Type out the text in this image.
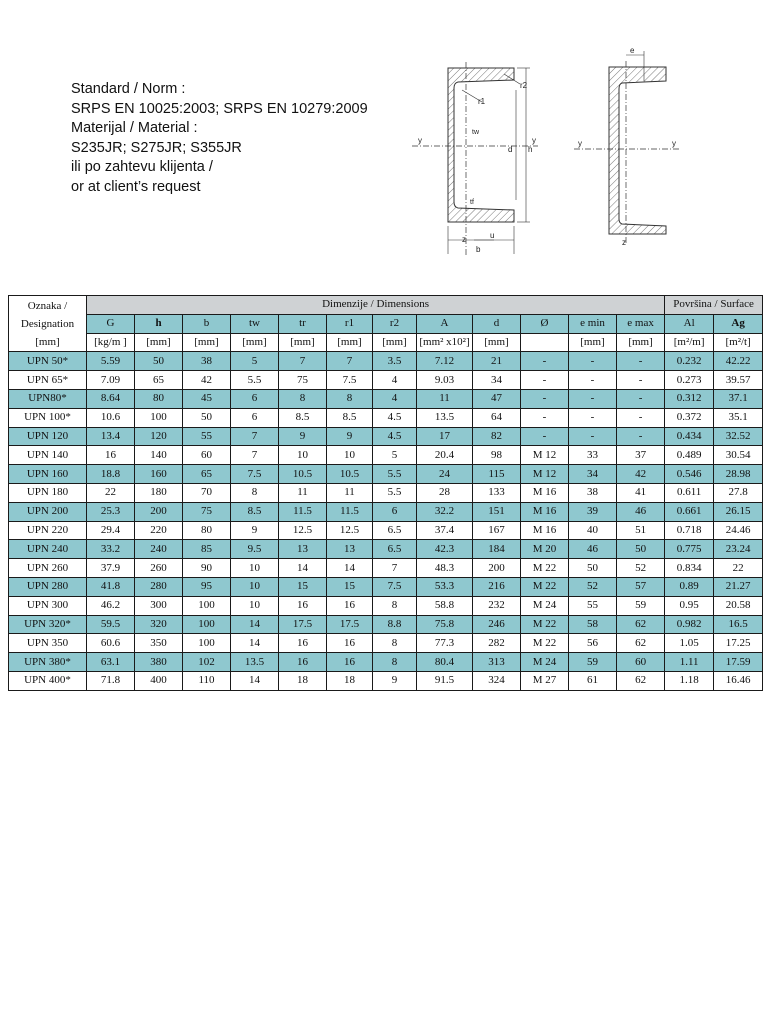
Standard / Norm :
SRPS EN 10025:2003; SRPS EN 10279:2009
Materijal / Material :
S235JR; S275JR; S355JR
ili po zahtevu klijenta /
or at client’s request
r1
r2
tw
tf
d h
y	y
z	u
b
e
y	y
z
Oznaka /
Designation
[mm]	Dimenzije / Dimensions												Površina / Surface	
	G	h	b	tw	tr	r1	r2	A	d	Ø	e min	e max	Al	Ag
	[kg/m ]	[mm]	[mm]	[mm]	[mm]	[mm]	[mm]	[mm² x10²]	[mm]		[mm]	[mm]	[m²/m]	[m²/t]
UPN 50*	5.59	50	38	5	7	7	3.5	7.12	21	-	-	-	0.232	42.22
UPN 65*	7.09	65	42	5.5	75	7.5	4	9.03	34	-	-	-	0.273	39.57
UPN80*	8.64	80	45	6	8	8	4	11	47	-	-	-	0.312	37.1
UPN 100*	10.6	100	50	6	8.5	8.5	4.5	13.5	64	-	-	-	0.372	35.1
UPN 120	13.4	120	55	7	9	9	4.5	17	82	-	-	-	0.434	32.52
UPN 140	16	140	60	7	10	10	5	20.4	98	M 12	33	37	0.489	30.54
UPN 160	18.8	160	65	7.5	10.5	10.5	5.5	24	115	M 12	34	42	0.546	28.98
UPN 180	22	180	70	8	11	11	5.5	28	133	M 16	38	41	0.611	27.8
UPN 200	25.3	200	75	8.5	11.5	11.5	6	32.2	151	M 16	39	46	0.661	26.15
UPN 220	29.4	220	80	9	12.5	12.5	6.5	37.4	167	M 16	40	51	0.718	24.46
UPN 240	33.2	240	85	9.5	13	13	6.5	42.3	184	M 20	46	50	0.775	23.24
UPN 260	37.9	260	90	10	14	14	7	48.3	200	M 22	50	52	0.834	22
UPN 280	41.8	280	95	10	15	15	7.5	53.3	216	M 22	52	57	0.89	21.27
UPN 300	46.2	300	100	10	16	16	8	58.8	232	M 24	55	59	0.95	20.58
UPN 320*	59.5	320	100	14	17.5	17.5	8.8	75.8	246	M 22	58	62	0.982	16.5
UPN 350	60.6	350	100	14	16	16	8	77.3	282	M 22	56	62	1.05	17.25
UPN 380*	63.1	380	102	13.5	16	16	8	80.4	313	M 24	59	60	1.11	17.59
UPN 400*	71.8	400	110	14	18	18	9	91.5	324	M 27	61	62	1.18	16.46
